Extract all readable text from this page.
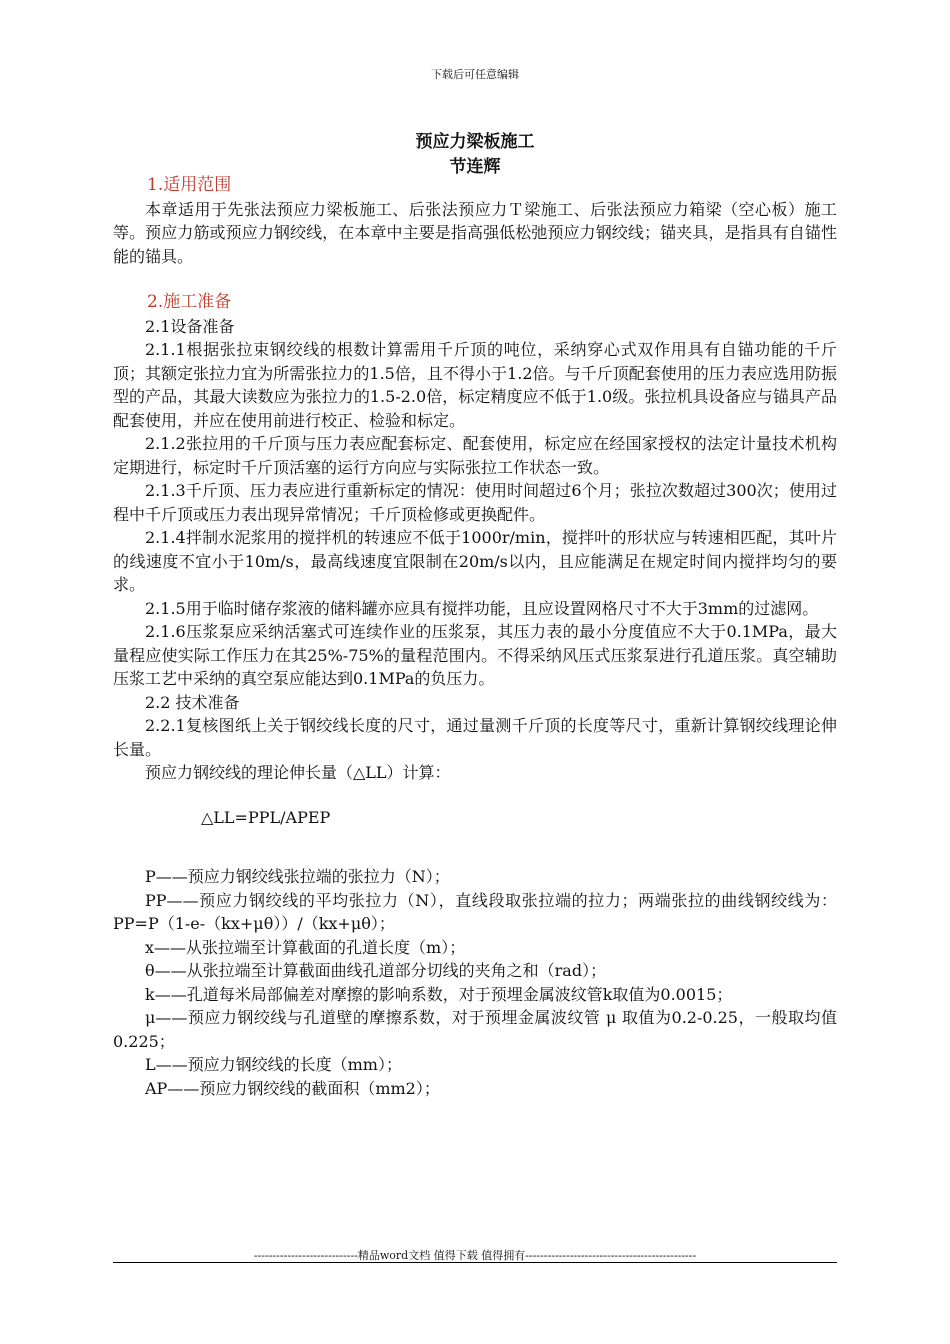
下载后可任意编辑
预应力梁板施工
节连辉

1.适用范围

本章适用于先张法预应力梁板施工、后张法预应力Ｔ梁施工、后张法预应力箱梁（空心板）施工等。预应力筋或预应力钢绞线，在本章中主要是指高强低松弛预应力钢绞线；锚夹具，是指具有自锚性能的锚具。

2.施工准备

2.1设备准备

2.1.1根据张拉束钢绞线的根数计算需用千斤顶的吨位，采纳穿心式双作用具有自锚功能的千斤顶；其额定张拉力宜为所需张拉力的1.5倍，且不得小于1.2倍。与千斤顶配套使用的压力表应选用防振型的产品，其最大读数应为张拉力的1.5-2.0倍，标定精度应不低于1.0级。张拉机具设备应与锚具产品配套使用，并应在使用前进行校正、检验和标定。

2.1.2张拉用的千斤顶与压力表应配套标定、配套使用，标定应在经国家授权的法定计量技术机构定期进行，标定时千斤顶活塞的运行方向应与实际张拉工作状态一致。

2.1.3千斤顶、压力表应进行重新标定的情况：使用时间超过6个月；张拉次数超过300次；使用过程中千斤顶或压力表出现异常情况；千斤顶检修或更换配件。

2.1.4拌制水泥浆用的搅拌机的转速应不低于1000r/min，搅拌叶的形状应与转速相匹配，其叶片的线速度不宜小于10m/s，最高线速度宜限制在20m/s以内，且应能满足在规定时间内搅拌均匀的要求。

2.1.5用于临时储存浆液的储料罐亦应具有搅拌功能，且应设置网格尺寸不大于3mm的过滤网。

2.1.6压浆泵应采纳活塞式可连续作业的压浆泵，其压力表的最小分度值应不大于0.1MPa，最大量程应使实际工作压力在其25%-75%的量程范围内。不得采纳风压式压浆泵进行孔道压浆。真空辅助压浆工艺中采纳的真空泵应能达到0.1MPa的负压力。

2.2 技术准备

2.2.1复核图纸上关于钢绞线长度的尺寸，通过量测千斤顶的长度等尺寸，重新计算钢绞线理论伸长量。

预应力钢绞线的理论伸长量（△LL）计算：

△LL=PPL/APEP

P——预应力钢绞线张拉端的张拉力（N）；

PP——预应力钢绞线的平均张拉力（N），直线段取张拉端的拉力；两端张拉的曲线钢绞线为：PP=P（1-e-（kx+μθ））/（kx+μθ）；

x——从张拉端至计算截面的孔道长度（m）；

θ——从张拉端至计算截面曲线孔道部分切线的夹角之和（rad）；

k——孔道每米局部偏差对摩擦的影响系数，对于预埋金属波纹管k取值为0.0015；

μ——预应力钢绞线与孔道壁的摩擦系数，对于预埋金属波纹管 μ 取值为0.2-0.25，一般取均值0.225；

L——预应力钢绞线的长度（mm）；

AP——预应力钢绞线的截面积（mm2）；

----------------------------精品word文档 值得下载 值得拥有----------------------------------------------
